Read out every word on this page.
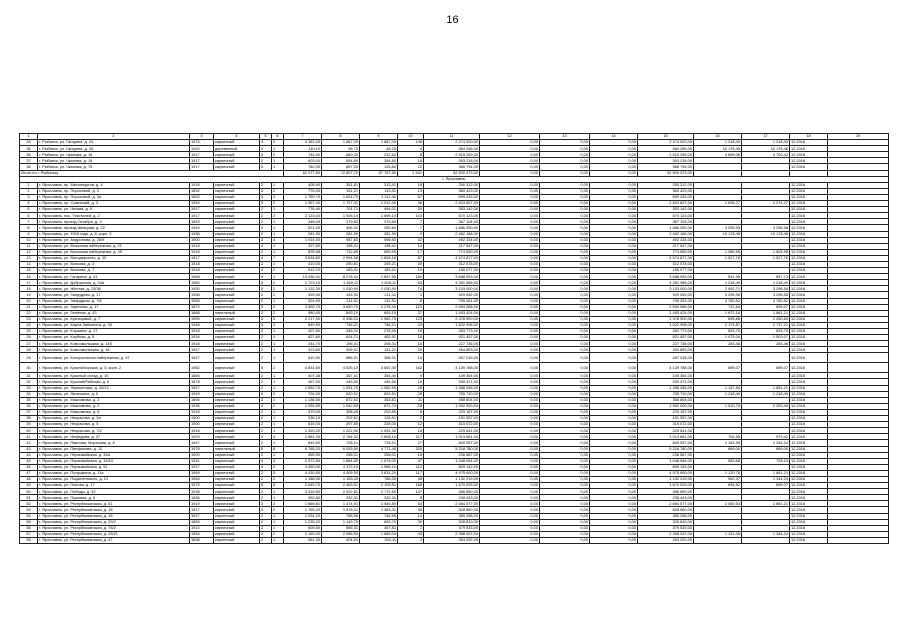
16
1	2	3	4	5	6	7	8	9	10	11	12	13	14	15	16	17	18	19
34	г. Рыбинск, ул. Гагарина, д. 24	1975	кирпичный	3	2	4 381,00	1 867,00	1 867,00	146	2 274 920,00	0,00	0,00	0,00	2 274 920,00	1 218,49	1 218,49	12.2016	
35	г. Рыбинск, ул. Гагарина, д. 26	1920	деревянный	2	1	110,10	96,70	48,20	4	984 256,00	0,00	0,00	0,00	984 256,00	10 178,45	10 178,46	12.2016	
36	г. Рыбинск, ул. Чкалова, д. 16	1917	кирпичный	3	2	744,00	680,00	212,60	8	2 515 259,00	0,00	0,00	0,00	2 515 259,00	3 699,06	3 700,42	12.2016	
37	г. Рыбинск, ул. Чкалова, д. 15	1917	кирпичный	2	1	603,00	554,80	354,80	18	393 218,00	0,00	0,00	0,00	393 218,00			12.2016	
38	г. Рыбинск, ул. Чкалова, д. 75	1917	кирпичный	3	1	782,00	657,00	133,80	22	366 794,00	0,00	0,00	0,00	366 794,00			12.2016	
Итого по г. Рыбинску						62 077,50	72 807,70	57 767,50	2 941	52 500 473,00	0,00	0,00	0,00	52 500 473,00				
г. Ярославль																		
1	г. Ярославль, пр. Металлургов, д. 4	1918	кирпичный	2	1	405,90	351,81	213,41	16	250 312,00	0,00	0,00	0,00	250 312,00			12.2016	
2	г. Ярославль, пр. Пороховой, д. 3	1892	кирпичный	3	2	776,00	511,21	113,31	13	360 423,00	0,00	0,00	0,00	360 423,00			12.2016	
3	г. Ярославль, пр. Пороховой, д. 3а	1892	кирпичный	3	2	1 759,70	1 624,70	1 112,40	67	699 433,00	0,00	0,00	0,00	699 433,00			12.2016	
4	г. Ярославль, пр. Советский, д. 3	1954	кирпичный	3	2	1 957,40	1 727,31	1 012,40	36	2 823 807,00	0,00	0,00	0,00	2 823 807,00	1 635,27	2 274,27	12.2016	
5	г. Ярославль, ул. Чехова, д. 5	1917	кирпичный	2	1	776,40	701,71	494,01	20	353 142,00	0,00	0,00	0,00	353 142,00			12.2016	
6	г. Ярославль, пос. Текстилей, д. 2	1917	кирпичный	2	2	2 123,00	1 926,10	1 696,10	103	570 123,00	0,00	0,00	0,00	570 123,00			12.2016	
7	г. Ярославль, проезд Октября, д. 3	1893	кирпичный	2	1	348,09	379,80	379,80	7	367 104,00	0,00	0,00	0,00	367 104,00			12.2016	
8	г. Ярославль, проезд Шевцова, д. 22	1949	кирпичный	2	1	521,00	406,31	250,80	7	1 866 250,00	0,00	0,00	0,00	1 866 250,00	3 295,95	3 296,58	12.2016	
9	г. Ярославль, ул. 1905 года, д. 8, корп. 3	1936	кирпичный	2	1	281,90	281,90	281,90	9	2 462 166,00	0,00	0,00	0,00	2 462 166,00	10 178,45	10 178,46	12.2016	
10	г. Ярославль, ул. Андропова, д. 25/9	1900	кирпичный	3	4	1 914,00	987,60	596,50	42	492 334,00	0,00	0,00	0,00	492 334,00			12.2016	
11	г. Ярославль, ул. Волжская набережная, д. 21	1918	кирпичный	2	1	327,60	198,41	198,41	14	217 547,00	0,00	0,00	0,00	217 547,00			12.2016	
12	г. Ярославль, ул. Волжская набережная, д. 35	1918	кирпичный	2	1	878,98	712,89	659,99	17	774 550,00	0,00	0,00	0,00	774 550,00	1 086,56	1 504,98	12.2016	
13	г. Ярославль, ул. Володарского, д. 20	1917	кирпичный	4	7	3 634,60	2 994,58	1 828,18	87	4 574 877,00	0,00	0,00	0,00	4 574 877,00	1 527,76	1 527,76	12.2016	
14	г. Ярославль, ул. Волкова, д. 3	1918	кирпичный	2	1	410,00	290,81	269,21	25	312 578,00	0,00	0,00	0,00	312 578,00			12.2016	
15	г. Ярославль, ул. Волкова, д. 7	1918	кирпичный	3	2	512,70	183,31	183,31	10	185 077,00	0,00	0,00	0,00	185 077,00			12.2016	
16	г. Ярославль, ул. Гагарина, д. 41	1968	кирпичный	9	1	13 036,31	6 278,41	1 897,50	180	3 688 953,00	0,00	0,00	0,00	3 688 953,00	541,99	557,73	12.2016	
17	г. Ярославль, ул. Добрынина, д. 24а	1960	кирпичный	3	2	1 723,10	1 469,11	1 409,11	63	4 351 966,00	0,00	0,00	0,00	4 351 966,00	1 218,49	1 218,49	12.2016	
18	г. Ярославль, ул. Жёлтая, д. 23/38	1930	кирпичный	3	2	1 132,30	1 030,90	1 030,90	74	3 103 000,00	0,00	0,00	0,00	3 103 000,00	2 952,71	3 296,58	12.2016	
19	г. Ярославль, ул. Запрудная, д. 17	1958	кирпичный	2	2	399,90	344,90	211,41	1	929 052,00	0,00	0,00	0,00	929 052,00	3 295,95	3 296,58	12.2016	
20	г. Ярославль, ул. Запрудная, д. 7/8	1955	кирпичный	2	1	324,90	211,51	211,51	8	795 261,00	0,00	0,00	0,00	795 261,00	3 760,52	3 760,52	12.2016	
21	г. Ярославль, ул. Заречная, д. 17	1870	кирпичный	3	2	3 890,70	3 640,70	2 276,40	123	2 594 066,00	0,00	0,00	0,00	2 594 066,00	712,54	895,07	12.2016	
22	г. Ярославль, ул. Зелёная, д. 43	1888	панельный	2	2	980,90	893,10	893,10	37	1 493 424,00	0,00	0,00	0,00	1 493 424,00	1 672,18	1 861,21	12.2016	
23	г. Ярославль, ул. Кузнецовой, д. 7	1959	кирпичный	3	3	2 217,90	2 336,01	1 962,70	123	2 378 900,00	0,00	0,00	0,00	2 378 900,00	695,86	2 260,65	12.2016	
24	г. Ярославль, ул. Карла Либкнехта, д. 43	1948	кирпичный	3	2	849,90	746,21	746,21	24	1 622 908,00	0,00	0,00	0,00	1 622 908,00	2 174,87	2 737,21	12.2016	
25	г. Ярославль, ул. Клушина, д. 17	1918	кирпичный	2	1	407,80	346,31	278,40	16	283 773,00	0,00	0,00	0,00	283 773,00	833,75	833,75	12.2016	
26	г. Ярославль, ул. Клубная, д. 5	1934	кирпичный	2	1	827,80	624,71	452,91	16	921 457,00	0,00	0,00	0,00	921 457,00	1 475,04	1 503,07	12.2016	
27	г. Ярославль, ул. Комсомольская, д. 14б	1918	кирпичный	2	1	244,70	196,31	206,31	16	227 736,00	0,00	0,00	0,00	227 736,00	283,46	283,46	12.2016	
28	г. Ярославль, ул. Комсомольская, д. 16	1917	кирпичный	2	1	423,60	405,91	311,21	20	264 853,00	0,00	0,00	0,00	264 853,00			12.2016	
29	г. Ярославль, ул. Которосльная набережная, д. 37	1927	кирпичный	2	1	810,90	686,91	398,31	16	457 015,00	0,00	0,00	0,00	457 015,00			12.2016	
30	г. Ярославль, ул. Красноборская, д. 5, корп. 2	1982	кирпичный	5	2	4 831,60	4 625,10	3 652,40	182	4 139 788,00	0,00	0,00	0,00	4 139 788,00	895,07	895,07	12.2016	
31	г. Ярославль, ул. Красный съезд, д. 10	1885	кирпичный	2	1	407,36	367,31	354,40	9	149 364,00	0,00	0,00	0,00	149 364,00			12.2015	
32	г. Ярославль, ул. Крылов/Рабочая, д. 6	1878	кирпичный	2	1	467,00	445,50	445,50	16	339 471,00	0,00	0,00	0,00	339 471,00			12.2016	
33	г. Ярославль, ул. Лермонтова, д. 34/12	1927	кирпичный	2	1	1 652,70	1 531,70	1 052,50	28	1 368 446,00	0,00	0,00	0,00	1 368 446,00	1 147,84	1 861,21	12.2016	
34	г. Ярославль, ул. Лисичкина, д. 5	1949	кирпичный	5	2	704,00	620,51	620,51	28	755 710,00	0,00	0,00	0,00	755 710,00	1 218,49	1 218,49	12.2016	
35	г. Ярославль, ул. Максимова, д. 2	1894	кирпичный	2	1	1 136,50	672,51	353,81	11	358 804,00	0,00	0,00	0,00	358 804,00			12.2016	
36	г. Ярославль, ул. Максимова, д. 2	1936	кирпичный	3	2	1 094,50	1 042,50	872,70	28	1 992 000,00	0,00	0,00	0,00	1 992 000,00	1 910,79	2 283,45	12.2016	
37	г. Ярославль, ул. Максимова, д. 6	1918	кирпичный	2	1	379,00	308,40	293,80	8	229 167,00	0,00	0,00	0,00	229 167,00			12.2016	
38	г. Ярославль, ул. Некрасова, д. 3а	1900	кирпичный	2	1	236,10	202,61	126,51	2	191 957,00	0,00	0,00	0,00	191 957,00			12.2016	
39	г. Ярославль, ул. Некрасова, д. 5	1900	кирпичный	2	1	616,00	397,80	228,00	12	315 072,00	0,00	0,00	0,00	315 072,00			12.2016	
40	г. Ярославль, ул. Некрасова, д. 7/2	1918	кирпичный	2	1	1 320,20	1 222,90	1 091,30	16	229 541,00	0,00	0,00	0,00	229 541,00			12.2016	
41	г. Ярославль, ул. Нефедова, д. 37	1929	кирпичный	2	4	2 881,30	2 764,31	1 608,10	117	1 913 661,00	0,00	0,00	0,00	1 913 661,00	704,95	979,42	12.2016	
42	г. Ярославль, ул. Павлова, Морозова, д. 8	1947	кирпичный	2	1	849,50	728,21	728,21	27	849 057,00	0,00	0,00	0,00	849 057,00	1 164,99	1 344,24	12.2016	
43	г. Ярославль, ул. Панфилова, д. 12	1978	панельный	5	8	6 765,20	6 053,50	4 771,40	325	5 218 780,00	0,00	0,00	0,00	5 218 780,00	869,00	869,00	12.2016	
44	г. Ярославль, ул. Первомайская, д. 33а	1900	кирпичный	2	1	455,90	256,01	256,01	16	236 567,00	0,00	0,00	0,00	236 567,00			12.2016	
45	г. Ярославль, ул. Первомайская, д. 39/10	1941	кирпичный	4	3	2 572,80	1 864,50	1 676,00	47	1 048 064,00	0,00	0,00	0,00	1 048 064,00	583,68	728,24	12.2016	
46	г. Ярославль, ул. Первомайская, д. 51	1917	кирпичный	4	2	4 490,00	4 372,19	1 966,10	112	809 142,00	0,00	0,00	0,00	809 142,00			12.2016	
47	г. Ярославль, ул. Полушкина, д. 11а	1959	кирпичный	2	3	4 430,50	4 409,50	3 631,20	117	4 975 900,00	0,00	0,00	0,00	4 975 900,00	1 120,76	1 861,21	12.2016	
48	г. Ярославль, ул. Подзеленского, д. 21	1954	кирпичный	2	2	1 188,00	1 153,00	786,30	48	1 132 219,00	0,00	0,00	0,00	1 132 219,00	962,37	1 344,24	12.2016	
49	г. Ярославль, ул. Попова, д. 17	1975	кирпичный	5	5	2 645,70	2 463,51	2 109,51	168	1 670 003,00	0,00	0,00	0,00	1 670 003,00	694,92	895,07	12.2016	
50	г. Ярославль, ул. Победы, д. 42	1938	кирпичный	2	1	3 316,50	2 922,81	2 772,50	147	486 850,00	0,00	0,00	0,00	486 850,00			12.2016	
51	г. Ярославль, ул. Пушкина, д. 6	1836	кирпичный	2	1	392,80	332,31	332,31	8	238 443,00	0,00	0,00	0,00	238 443,00			12.2016	
52	г. Ярославль, ул. Республиканская, д. 51	1919	кирпичный	3	2	1 669,81	1 474,91	2 549,80	63	2 664 577,00	0,00	0,00	0,00	2 664 577,00	2 060,53	1 861,21	12.2016	
53	г. Ярославль, ул. Республиканская, д. 18	1917	кирпичный	4	2	1 765,20	1 578,01	1 383,31	46	828 560,00	0,00	0,00	0,00	828 560,00			12.2016	
54	г. Ярославль, ул. Республиканская, д. 18	1917	кирпичный	2	1	1 034,20	768,56	748,56	14	385 268,00	0,00	0,00	0,00	385 268,00			12.2016	
55	г. Ярославль, ул. Республиканская, д. 29/2	1859	кирпичный	2	1	1 235,20	1 149,70	849,70	30	326 810,00	0,00	0,00	0,00	326 810,00			12.2016	
56	г. Ярославль, ул. Республиканская, д. 78/2	1914	кирпичный	2	1	609,80	565,31	457,81	2	379 533,00	0,00	0,00	0,00	379 533,00			12.2016	
57	г. Ярославль, ул. Республиканская, д. 28/21	1954	кирпичный	2	2	2 160,00	2 066,50	1 669,00	43	2 358 022,00	0,00	0,00	0,00	2 358 022,00	1 141,06	1 344,24	12.2016	
58	г. Ярославль, ул. Республиканская, д. 47	1838	кирпичный	2	1	461,30	404,91	263,11	3	263 292,00	0,00	0,00	0,00	263 292,00			12.2016	
